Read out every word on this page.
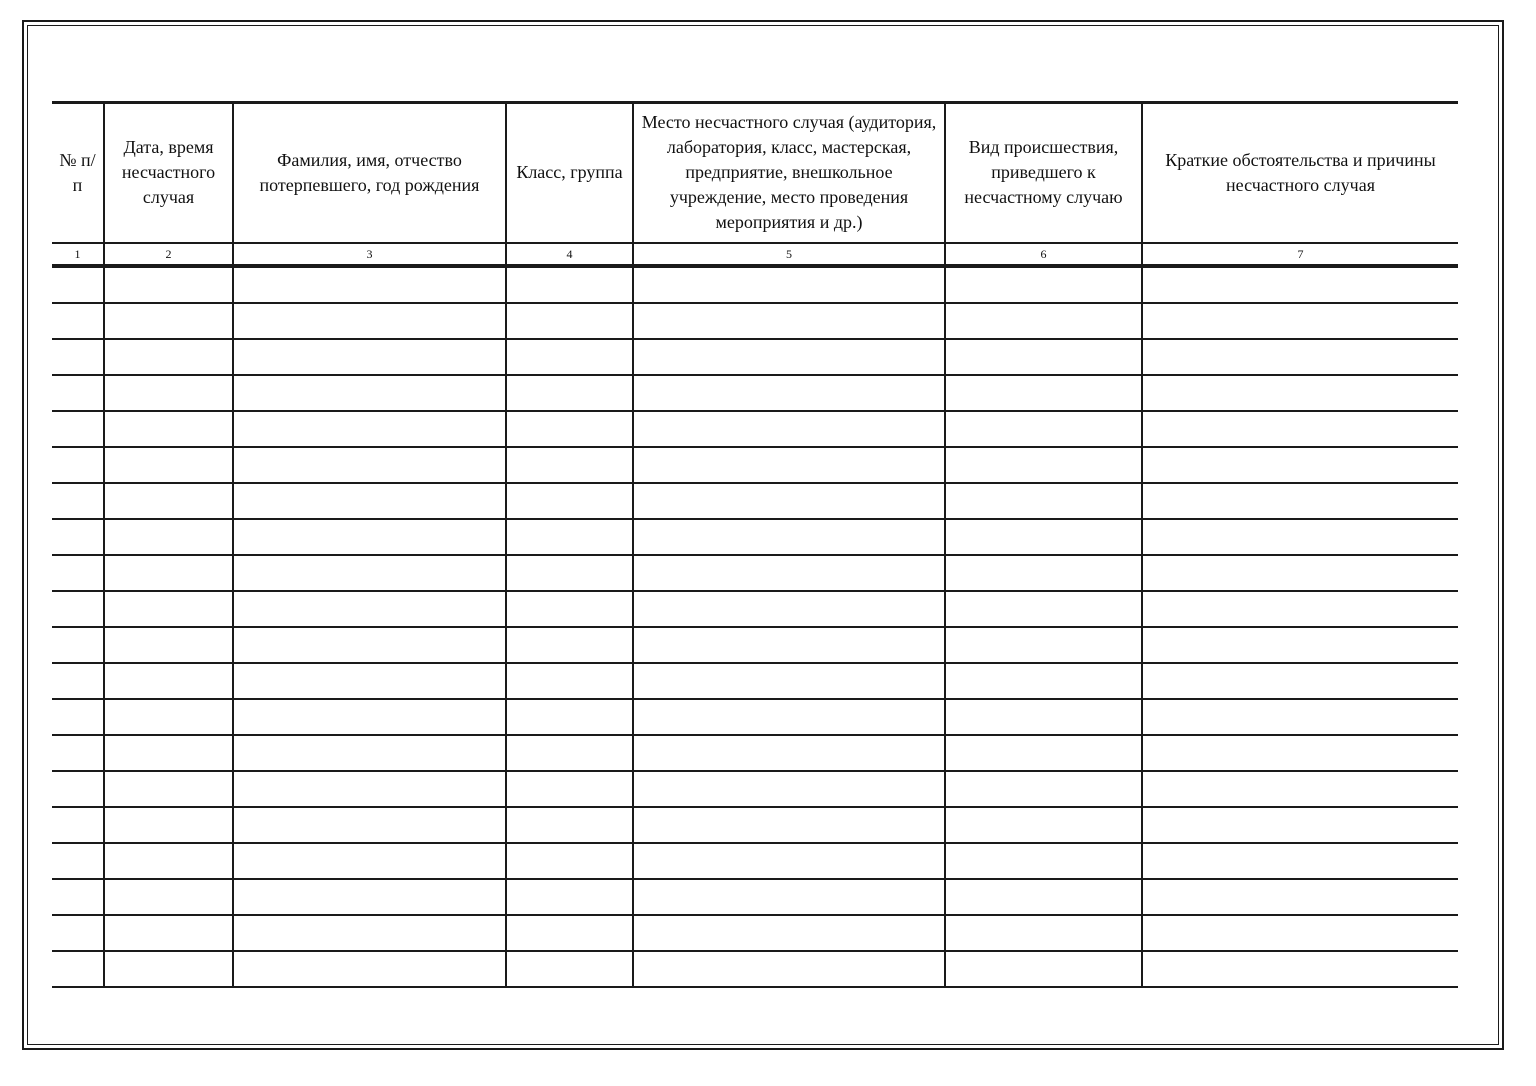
№ п/п	Дата, время несчастного случая	Фамилия, имя, отчество потерпевшего, год рождения	Класс, группа	Место несчастного случая (аудитория, лаборатория, класс, мастерская, предприятие, внешкольное учреждение, место проведения мероприятия и др.)	Вид происшествия, приведшего к несчастному случаю	Краткие обстоятельства и причины несчастного случая
1	2	3	4	5	6	7
